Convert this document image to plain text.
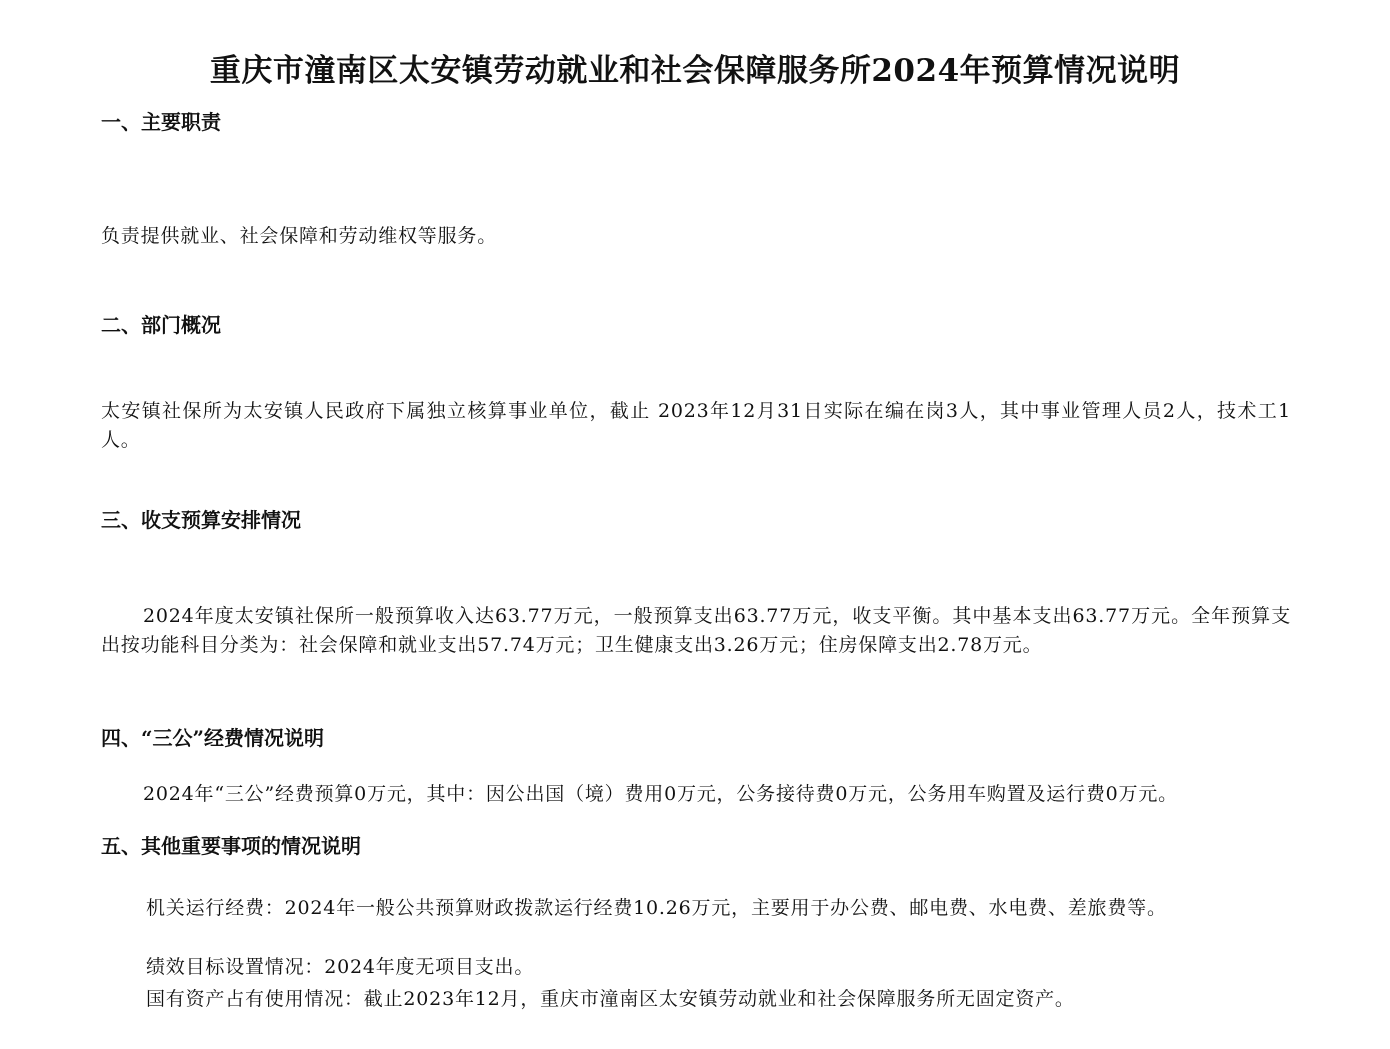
重庆市潼南区太安镇劳动就业和社会保障服务所2024年预算情况说明
一、主要职责
负责提供就业、社会保障和劳动维权等服务。
二、部门概况
太安镇社保所为太安镇人民政府下属独立核算事业单位，截止 2023年12月31日实际在编在岗3人，其中事业管理人员2人，技术工1人。
三、收支预算安排情况
2024年度太安镇社保所一般预算收入达63.77万元，一般预算支出63.77万元，收支平衡。其中基本支出63.77万元。全年预算支出按功能科目分类为：社会保障和就业支出57.74万元；卫生健康支出3.26万元；住房保障支出2.78万元。
四、“三公”经费情况说明
2024年“三公”经费预算0万元，其中：因公出国（境）费用0万元，公务接待费0万元，公务用车购置及运行费0万元。
五、其他重要事项的情况说明
机关运行经费：2024年一般公共预算财政拨款运行经费10.26万元，主要用于办公费、邮电费、水电费、差旅费等。
绩效目标设置情况：2024年度无项目支出。
国有资产占有使用情况：截止2023年12月，重庆市潼南区太安镇劳动就业和社会保障服务所无固定资产。
